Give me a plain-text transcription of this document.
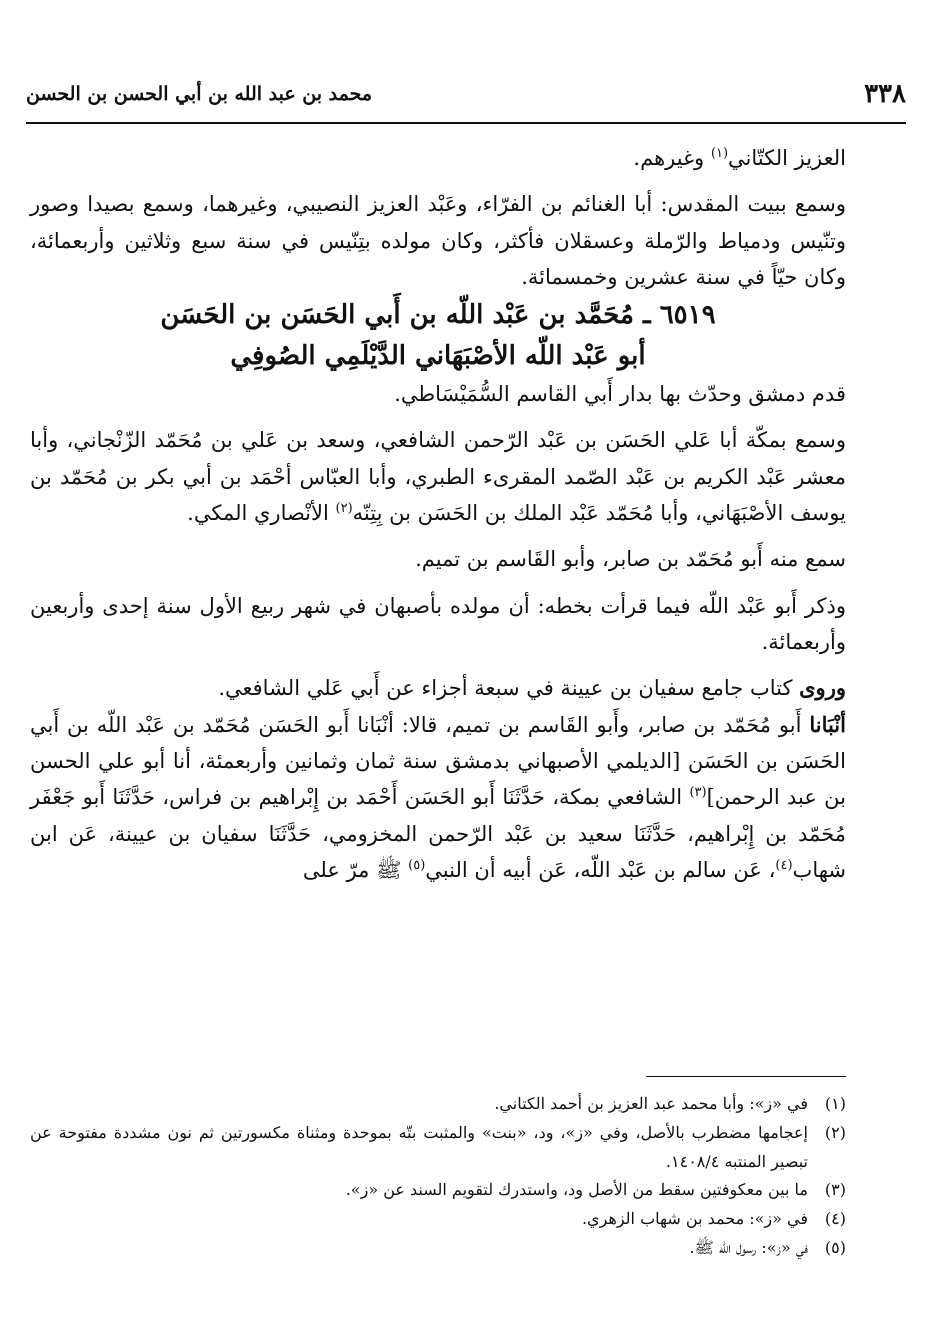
٣٣٨
محمد بن عبد الله بن أبي الحسن بن الحسن

العزيز الكتّاني$^{(١)}$ وغيرهم.

وسمع ببيت المقدس: أبا الغنائم بن الفرّاء، وعَبْد العزيز النصيبي، وغيرهما، وسمع بصيدا وصور وتنّيس ودمياط والرّملة وعسقلان فأكثر، وكان مولده بتِنّيس في سنة سبع وثلاثين وأربعمائة، وكان حيّاً في سنة عشرين وخمسمائة.

٦٥١٩ ـ مُحَمَّد بن عَبْد اللّه بن أَبي الحَسَن بن الحَسَن

أبو عَبْد اللّه الأصْبَهَاني الدَّيْلَمِي الصُوفِي

قدم دمشق وحدّث بها بدار أَبي القاسم السُّمَيْسَاطي.

وسمع بمكّة أبا عَلي الحَسَن بن عَبْد الرّحمن الشافعي، وسعد بن عَلي بن مُحَمّد الزّنْجاني، وأبا معشر عَبْد الكريم بن عَبْد الصّمد المقرىء الطبري، وأبا العبّاس أحْمَد بن أبي بكر بن مُحَمّد بن يوسف الأصْبَهَاني، وأبا مُحَمّد عَبْد الملك بن الحَسَن بن بِتِنّه$^{(٢)}$ الأنْصاري المكي.

سمع منه أَبو مُحَمّد بن صابر، وأبو القَاسم بن تميم.

وذكر أَبو عَبْد اللّه فيما قرأت بخطه: أن مولده بأصبهان في شهر ربيع الأول سنة إحدى وأربعين وأربعمائة.

وروى كتاب جامع سفيان بن عيينة في سبعة أجزاء عن أَبي عَلي الشافعي.

أنْبَانا أَبو مُحَمّد بن صابر، وأَبو القَاسم بن تميم، قالا: أنْبَانا أَبو الحَسَن مُحَمّد بن عَبْد اللّه بن أَبي الحَسَن بن الحَسَن [الديلمي الأصبهاني بدمشق سنة ثمان وثمانين وأربعمئة، أنا أبو علي الحسن بن عبد الرحمن]$^{(٣)}$ الشافعي بمكة، حَدَّثَنَا أَبو الحَسَن أَحْمَد بن إِبْراهيم بن فراس، حَدَّثَنَا أَبو جَعْفَر مُحَمّد بن إِبْراهيم، حَدَّثَنَا سعيد بن عَبْد الرّحمن المخزومي، حَدَّثَنَا سفيان بن عيينة، عَن ابن شهاب$^{(٤)}$، عَن سالم بن عَبْد اللّه، عَن أبيه أن النبي$^{(٥)}$ ﷺ مرّ على

(١)
في «ز»: وأبا محمد عبد العزيز بن أحمد الكتاني.
(٢)
إعجامها مضطرب بالأصل، وفي «ز»، ود، «بنت» والمثبت بتّه بموحدة ومثناة مكسورتين ثم نون مشددة مفتوحة عن تبصير المنتبه ١٤٠٨/٤.
(٣)
ما بين معكوفتين سقط من الأصل ود، واستدرك لتقويم السند عن «ز».
(٤)
في «ز»: محمد بن شهاب الزهري.
(٥)
في «ز»: رسول الله ﷺ.
